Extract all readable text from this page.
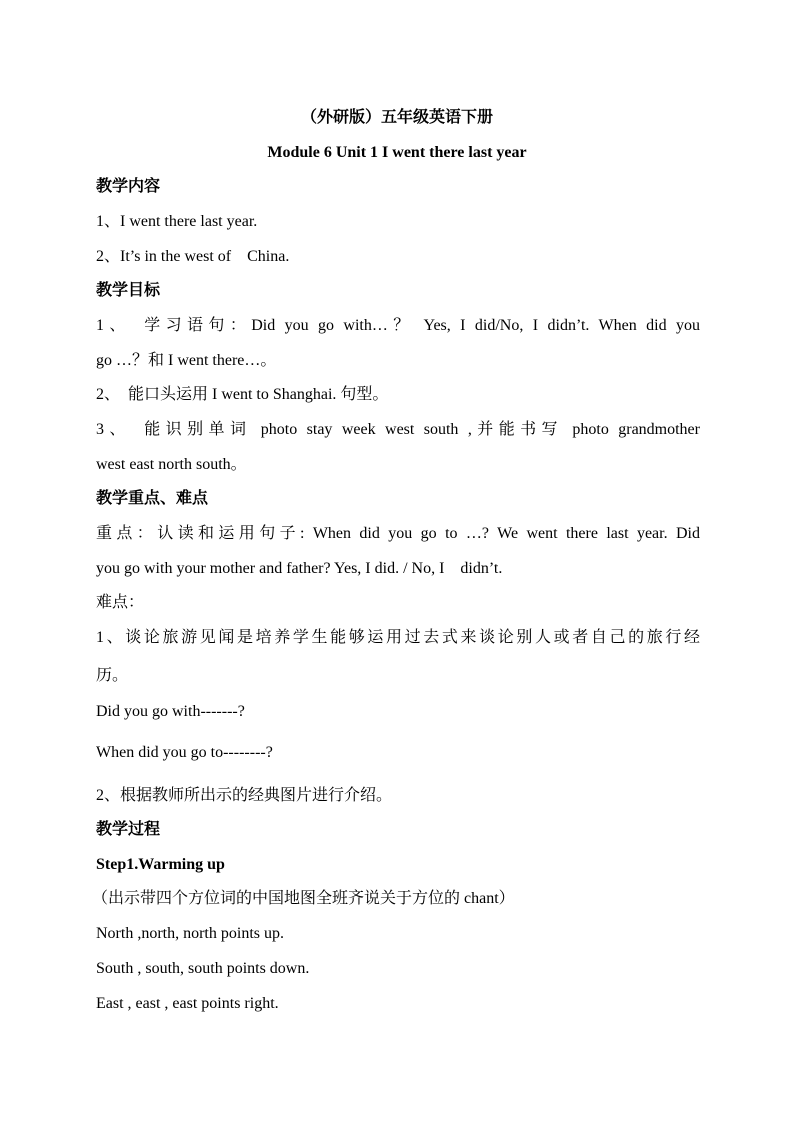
（外研版）五年级英语下册
Module 6 Unit 1 I went there last year
教学内容
1、I went there last year.
2、It’s in the west of　China.
教学目标
1、　学习语句：Did you go with…？ Yes, I did/No, I didn’t. When did you
go …？和 I went there…。
2、　能口头运用 I went to Shanghai. 句型。
3、　能识别单词 photo stay week west south ,并能书写 photo grandmother
west east north south。
教学重点、难点
重点：认读和运用句子: When did you go to …? We went there last year. Did
you go with your mother and father? Yes, I did. / No, I　didn’t.
难点：
1、谈论旅游见闻是培养学生能够运用过去式来谈论别人或者自己的旅行经
历。
Did you go with-------?
When did you go to--------?
2、根据教师所出示的经典图片进行介绍。
教学过程
Step1.Warming up
（出示带四个方位词的中国地图全班齐说关于方位的 chant）
North ,north, north points up.
South , south, south points down.
East , east , east points right.
